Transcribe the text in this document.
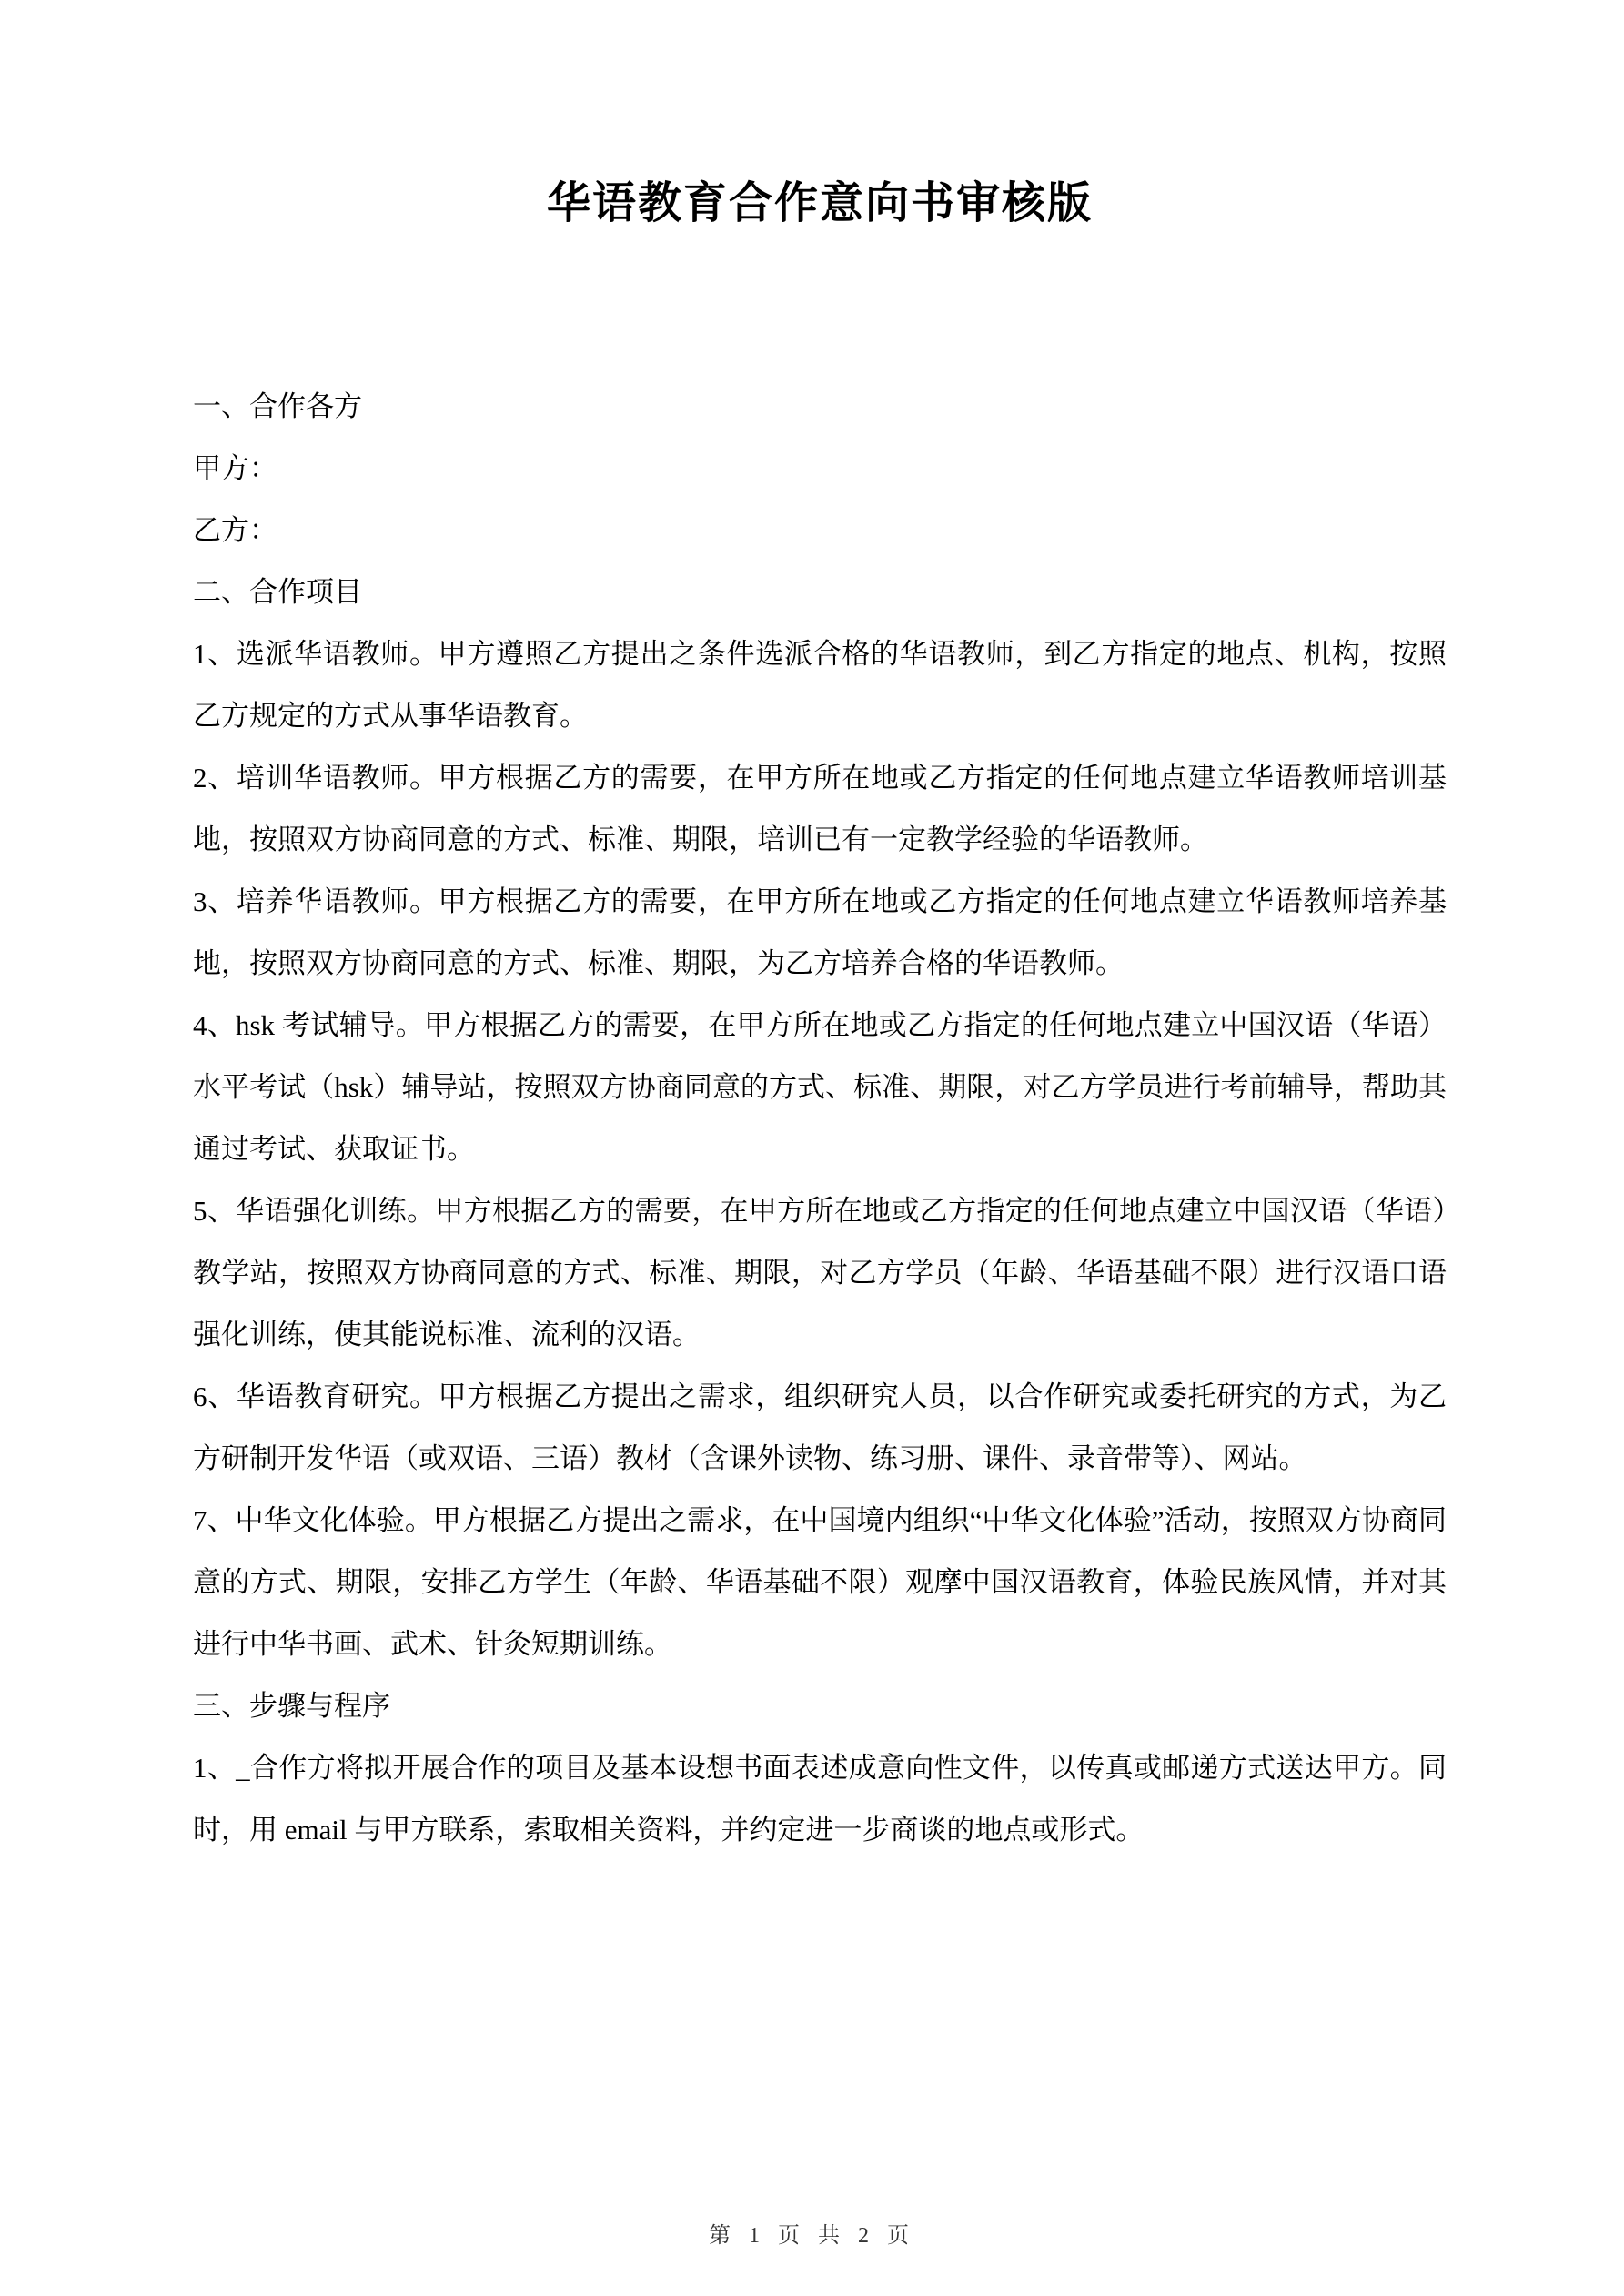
华语教育合作意向书审核版

一、合作各方

甲方：

乙方：

二、合作项目

1、选派华语教师。甲方遵照乙方提出之条件选派合格的华语教师，到乙方指定的地点、机构，按照乙方规定的方式从事华语教育。

2、培训华语教师。甲方根据乙方的需要，在甲方所在地或乙方指定的任何地点建立华语教师培训基地，按照双方协商同意的方式、标准、期限，培训已有一定教学经验的华语教师。

3、培养华语教师。甲方根据乙方的需要，在甲方所在地或乙方指定的任何地点建立华语教师培养基地，按照双方协商同意的方式、标准、期限，为乙方培养合格的华语教师。

4、hsk 考试辅导。甲方根据乙方的需要，在甲方所在地或乙方指定的任何地点建立中国汉语（华语）水平考试（hsk）辅导站，按照双方协商同意的方式、标准、期限，对乙方学员进行考前辅导，帮助其通过考试、获取证书。

5、华语强化训练。甲方根据乙方的需要，在甲方所在地或乙方指定的任何地点建立中国汉语（华语）教学站，按照双方协商同意的方式、标准、期限，对乙方学员（年龄、华语基础不限）进行汉语口语强化训练，使其能说标准、流利的汉语。

6、华语教育研究。甲方根据乙方提出之需求，组织研究人员，以合作研究或委托研究的方式，为乙方研制开发华语（或双语、三语）教材（含课外读物、练习册、课件、录音带等）、网站。

7、中华文化体验。甲方根据乙方提出之需求，在中国境内组织“中华文化体验”活动，按照双方协商同意的方式、期限，安排乙方学生（年龄、华语基础不限）观摩中国汉语教育，体验民族风情，并对其进行中华书画、武术、针灸短期训练。

三、步骤与程序

1、_合作方将拟开展合作的项目及基本设想书面表述成意向性文件，以传真或邮递方式送达甲方。同时，用 email 与甲方联系，索取相关资料，并约定进一步商谈的地点或形式。

第 1 页 共 2 页
